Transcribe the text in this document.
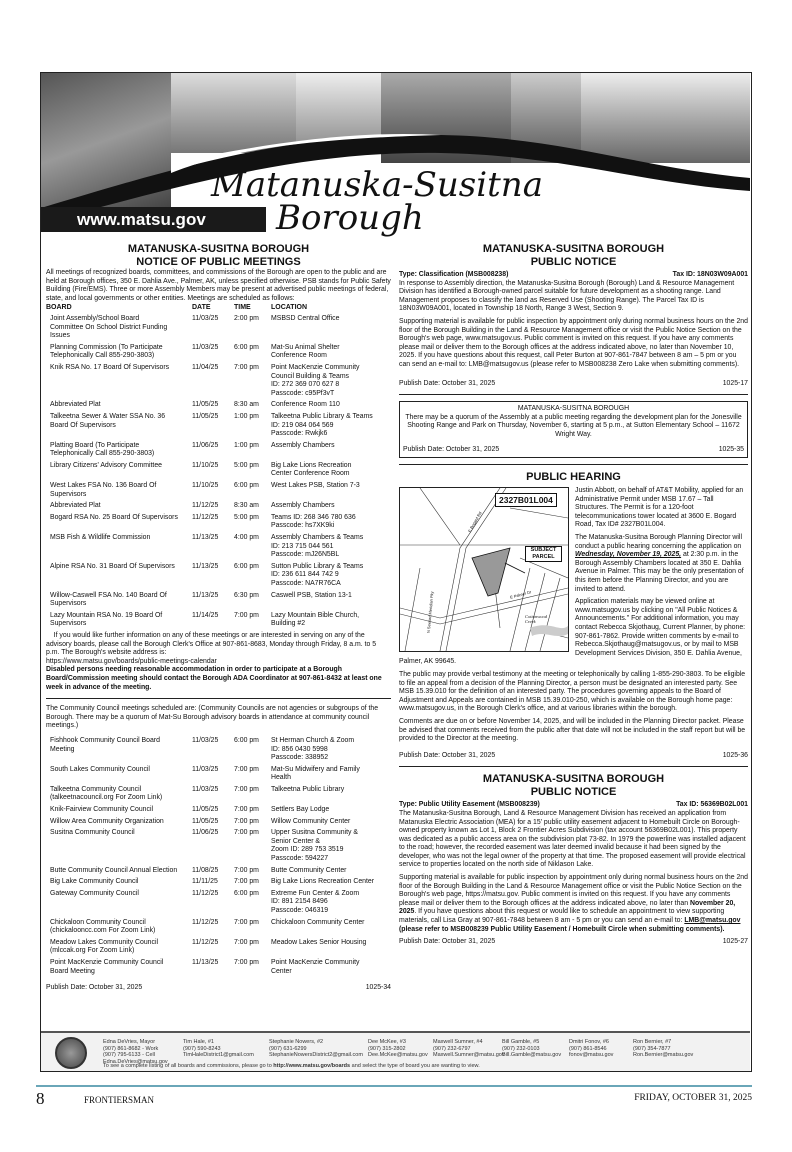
Matanuska-Susitna
Borough
www.matsu.gov
MATANUSKA-SUSITNA BOROUGH
NOTICE OF PUBLIC MEETINGS

All meetings of recognized boards, committees, and commissions of the Borough are open to the public and are held at Borough offices, 350 E. Dahlia Ave., Palmer, AK, unless specified otherwise. PSB stands for Public Safety Building (Fire/EMS). Three or more Assembly Members may be present at advertised public meetings of federal, state, and local governments or other entities. Meetings are scheduled as follows:

BOARD	DATE	TIME	LOCATION
Joint Assembly/School Board
Committee On School District Funding
Issues
11/03/25	2:00 pm	MSBSD Central Office
Planning Commission (To Participate
Telephonically Call 855-290-3803)
11/03/25	6:00 pm	Mat-Su Animal Shelter
Conference Room
Knik RSA No. 17 Board Of Supervisors	11/04/25	7:00 pm	Point MacKenzie Community
Council Building & Teams
ID: 272 369 070 627 8
Passcode: c95Pf3vT
Abbreviated Plat	11/05/25	8:30 am	Conference Room 110
Talkeetna Sewer & Water SSA No. 36
Board Of Supervisors
11/05/25	1:00 pm	Talkeetna Public Library & Teams
ID: 219 084 064 569
Passcode: Rwkjk6
Platting Board (To Participate
Telephonically Call 855-290-3803)
11/06/25	1:00 pm	Assembly Chambers
Library Citizens' Advisory Committee	11/10/25	5:00 pm	Big Lake Lions Recreation
Center Conference Room
West Lakes FSA No. 136 Board Of
Supervisors
11/10/25	6:00 pm	West Lakes PSB, Station 7-3
Abbreviated Plat	11/12/25	8:30 am	Assembly Chambers
Bogard RSA No. 25 Board Of Supervisors	11/12/25	5:00 pm	Teams ID: 268 346 780 636
Passcode: hs7XK9ki
MSB Fish & Wildlife Commission	11/13/25	4:00 pm	Assembly Chambers & Teams
ID: 213 715 044 561
Passcode: mJ26N5BL
Alpine RSA No. 31 Board Of Supervisors	11/13/25	6:00 pm	Sutton Public Library & Teams
ID: 236 611 844 742 9
Passcode: NA7R76CA
Willow-Caswell FSA No. 140 Board Of
Supervisors
11/13/25	6:30 pm	Caswell PSB, Station 13-1
Lazy Mountain RSA No. 19 Board Of
Supervisors
11/14/25	7:00 pm	Lazy Mountain Bible Church,
Building #2

If you would like further information on any of these meetings or are interested in serving on any of the advisory boards, please call the Borough Clerk's Office at 907-861-8683, Monday through Friday, 8 a.m. to 5 p.m. The Borough's website address is:

https://www.matsu.gov/boards/public-meetings-calendar

Disabled persons needing reasonable accommodation in order to participate at a Borough Board/Commission meeting should contact the Borough ADA Coordinator at 907-861-8432 at least one week in advance of the meeting.

The Community Council meetings scheduled are: (Community Councils are not agencies or subgroups of the Borough. There may be a quorum of Mat-Su Borough advisory boards in attendance at community council meetings.)

Fishhook Community Council Board
Meeting
11/03/25	6:00 pm	St Herman Church & Zoom
ID: 856 0430 5998
Passcode: 338952
South Lakes Community Council	11/03/25	7:00 pm	Mat-Su Midwifery and Family
Health
Talkeetna Community Council
(talkeetnacouncil.org For Zoom Link)
11/03/25	7:00 pm	Talkeetna Public Library
Knik-Fairview Community Council	11/05/25	7:00 pm	Settlers Bay Lodge
Willow Area Community Organization	11/05/25	7:00 pm	Willow Community Center
Susitna Community Council	11/06/25	7:00 pm	Upper Susitna Community &
Senior Center &
Zoom ID: 289 753 3519
Passcode: 594227
Butte Community Council Annual Election	11/08/25	7:00 pm	Butte Community Center
Big Lake Community Council	11/11/25	7:00 pm	Big Lake Lions Recreation Center
Gateway Community Council	11/12/25	6:00 pm	Extreme Fun Center & Zoom
ID: 891 2154 8496
Passcode: 046319
Chickaloon Community Council
(chickalooncc.com For Zoom Link)
11/12/25	7:00 pm	Chickaloon Community Center
Meadow Lakes Community Council
(mlccak.org For Zoom Link)
11/12/25	7:00 pm	Meadow Lakes Senior Housing
Point MacKenzie Community Council
Board Meeting
11/13/25	7:00 pm	Point MacKenzie Community
Center
Publish Date: October 31, 2025	1025-34
MATANUSKA-SUSITNA BOROUGH
PUBLIC NOTICE
Type: Classification (MSB008238)	Tax ID: 18N03W09A001

In response to Assembly direction, the Matanuska-Susitna Borough (Borough) Land & Resource Management Division has identified a Borough-owned parcel suitable for future development as a shooting range. Land Management proposes to classify the land as Reserved Use (Shooting Range). The Parcel Tax ID is 18N03W09A001, located in Township 18 North, Range 3 West, Section 9.

Supporting material is available for public inspection by appointment only during normal business hours on the 2nd floor of the Borough Building in the Land & Resource Management office or visit the Public Notice Section on the Borough's web page, www.matsugov.us. Public comment is invited on this request. If you have any comments please mail or deliver them to the Borough offices at the address indicated above, no later than November 10, 2025. If you have questions about this request, call Peter Burton at 907-861-7847 between 8 am – 5 pm or you can send an e-mail to: LMB@matsugov.us (please refer to MSB008238 Zero Lake when submitting comments).

Publish Date: October 31, 2025	1025-17
MATANUSKA-SUSITNA BOROUGH
There may be a quorum of the Assembly at a public meeting regarding the development plan for the Jonesville Shooting Range and Park on Thursday, November 6, starting at 5 p.m., at Sutton Elementary School – 11672 Wright Way.
Publish Date: October 31, 2025	1025-35
PUBLIC HEARING
2327B01L004
SUBJECT PARCEL
E Bogard Rd
E Palmer Dr
N Seward Meridian Pky	Cottonwood Creek

Justin Abbott, on behalf of AT&T Mobility, applied for an Administrative Permit under MSB 17.67 – Tall Structures. The Permit is for a 120-foot telecommunications tower located at 3600 E. Bogard Road, Tax ID# 2327B01L004.

The Matanuska-Susitna Borough Planning Director will conduct a public hearing concerning the application on Wednesday, November 19, 2025, at 2:30 p.m. in the Borough Assembly Chambers located at 350 E. Dahlia Avenue in Palmer. This may be the only presentation of this item before the Planning Director, and you are invited to attend.

Application materials may be viewed online at www.matsugov.us by clicking on "All Public Notices & Announcements." For additional information, you may contact Rebecca Skjothaug, Current Planner, by phone: 907-861-7862. Provide written comments by e-mail to Rebecca.Skjothaug@matsugov.us, or by mail to MSB Development Services Division, 350 E. Dahlia Avenue, Palmer, AK 99645.

The public may provide verbal testimony at the meeting or telephonically by calling 1-855-290-3803. To be eligible to file an appeal from a decision of the Planning Director, a person must be designated an interested party. See MSB 15.39.010 for the definition of an interested party. The procedures governing appeals to the Board of Adjustment and Appeals are contained in MSB 15.39.010-250, which is available on the Borough home page: www.matsugov.us, in the Borough Clerk's office, and at various libraries within the borough.

Comments are due on or before November 14, 2025, and will be included in the Planning Director packet. Please be advised that comments received from the public after that date will not be included in the staff report but will be provided to the Director at the meeting.

Publish Date: October 31, 2025	1025-36
MATANUSKA-SUSITNA BOROUGH
PUBLIC NOTICE
Type: Public Utility Easement (MSB008239)	Tax ID: 56369B02L001

The Matanuska-Susitna Borough, Land & Resource Management Division has received an application from Matanuska Electric Association (MEA) for a 15' public utility easement adjacent to Homebuilt Circle on Borough-owned property known as Lot 1, Block 2 Frontier Acres Subdivision (tax account 56369B02L001). This property was dedicated as a public access area on the subdivision plat 73-82. In 1979 the powerline was installed adjacent to the road; however, the recorded easement was later deemed invalid because it had been signed by the developer, who was not the legal owner of the property at that time. The proposed easement will provide electrical service to properties located on the north side of Niklason Lake.

Supporting material is available for public inspection by appointment only during normal business hours on the 2nd floor of the Borough Building in the Land & Resource Management office or visit the Public Notice Section on the Borough's web page, https://matsu.gov. Public comment is invited on this request. If you have any comments please mail or deliver them to the Borough offices at the address indicated above, no later than November 20, 2025. If you have questions about this request or would like to schedule an appointment to view supporting materials, call Lisa Gray at 907-861-7848 between 8 am - 5 pm or you can send an e-mail to: LMB@matsu.gov (please refer to MSB008239 Public Utility Easement / Homebuilt Circle when submitting comments).

Publish Date: October 31, 2025	1025-27
Edna DeVries, Mayor
(907) 861-8682 - Work
(907) 795-6133 - Cell
Edna.DeVries@matsu.gov
Tim Hale, #1
(907) 590-8243
TimHaleDistrict1@gmail.com
Stephanie Nowers, #2
(907) 631-6299
StephanieNowersDistrict2@gmail.com
Dee McKee, #3
(907) 315-2802
Dee.McKee@matsu.gov
Maxwell Sumner, #4
(907) 232-6797
Maxwell.Sumner@matsu.gov
Bill Gamble, #5
(907) 232-0103
Bill.Gamble@matsu.gov
Dmitri Fonov, #6
(907) 861-8546
fonov@matsu.gov
Ron Bernier, #7
(907) 354-7877
Ron.Bernier@matsu.gov
To see a complete listing of all boards and commissions, please go to http://www.matsu.gov/boards and select the type of board you are wanting to view.
8	FRONTIERSMAN	FRIDAY, OCTOBER 31, 2025
